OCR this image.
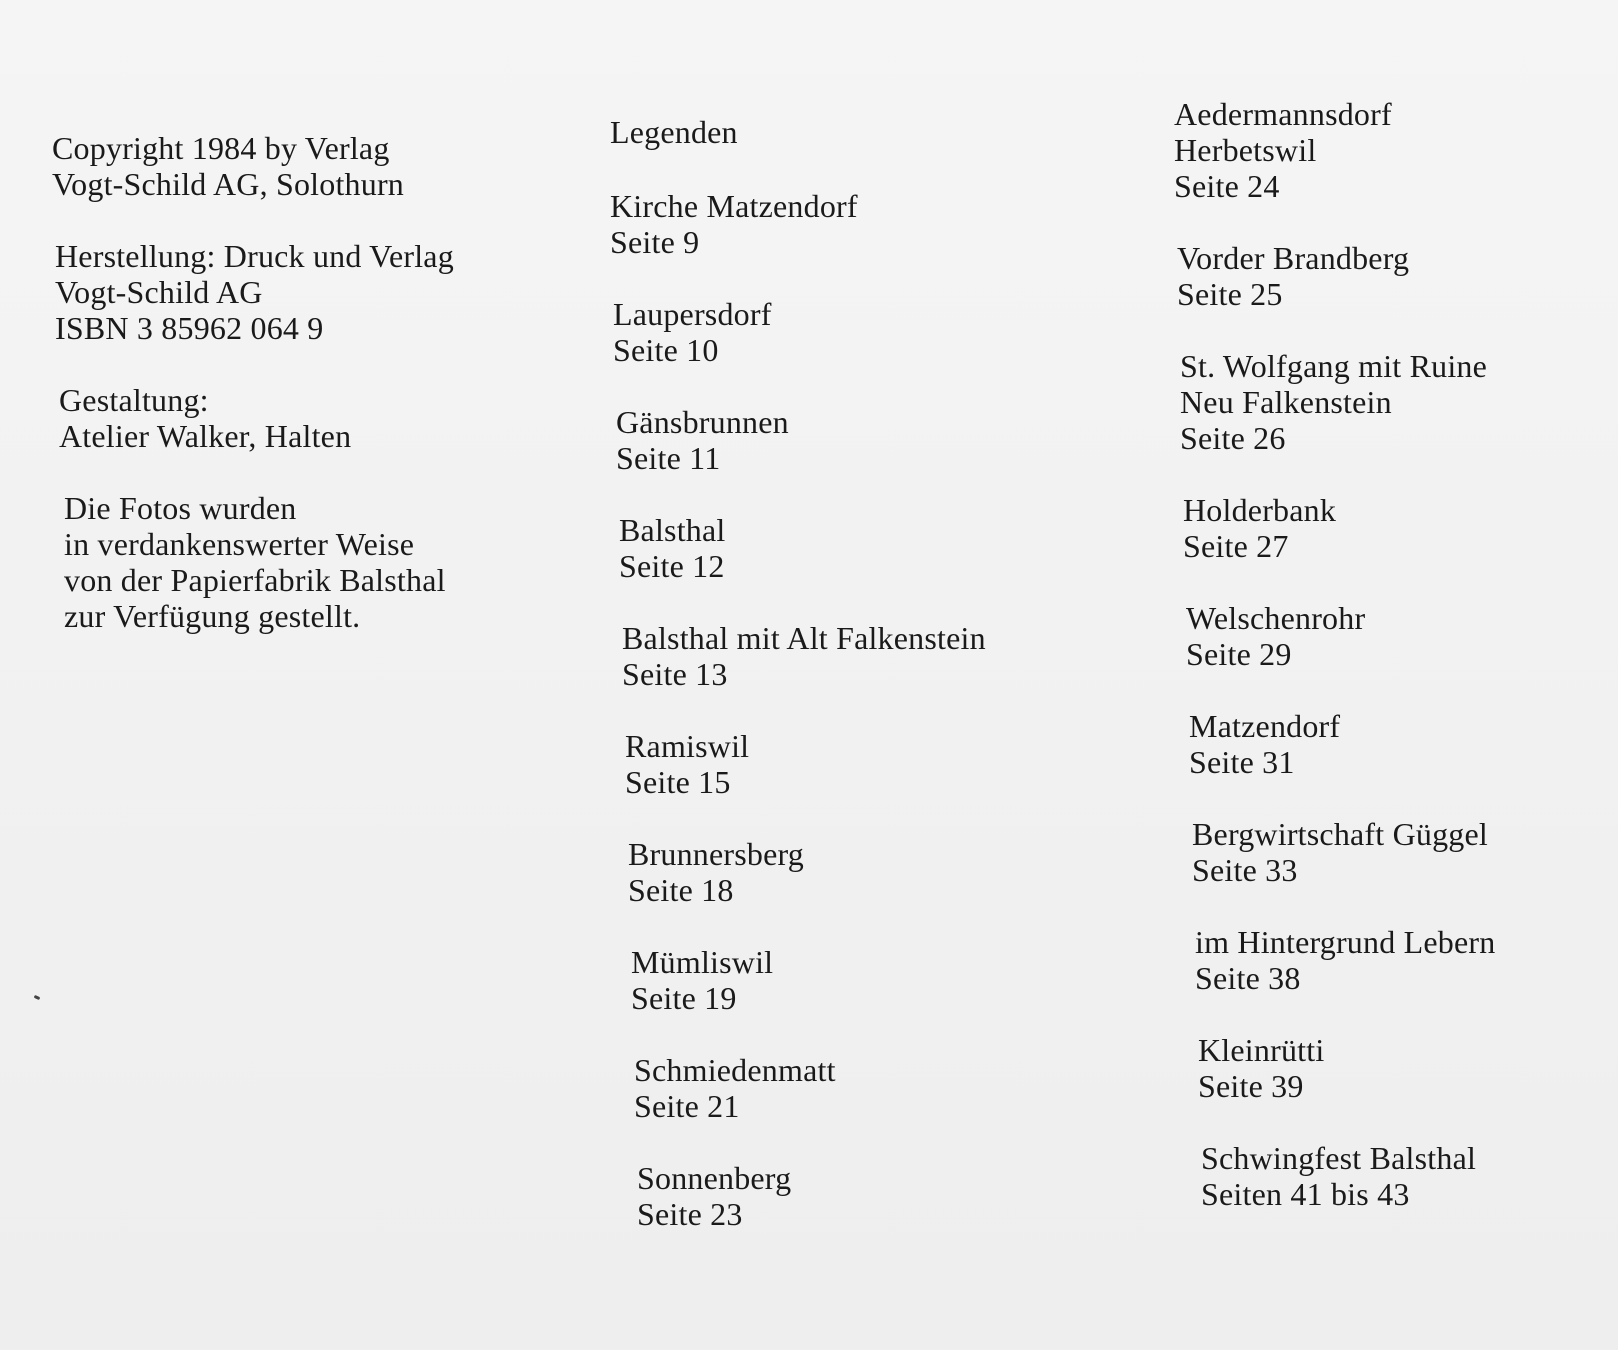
Copyright 1984 by Verlag
Vogt-Schild AG, Solothurn
Herstellung: Druck und Verlag
Vogt-Schild AG
ISBN 3 85962 064 9
Gestaltung:
Atelier Walker, Halten
Die Fotos wurden
in verdankenswerter Weise
von der Papierfabrik Balsthal
zur Verfügung gestellt.
Legenden
Kirche Matzendorf
Seite 9
Laupersdorf
Seite 10
Gänsbrunnen
Seite 11
Balsthal
Seite 12
Balsthal mit Alt Falkenstein
Seite 13
Ramiswil
Seite 15
Brunnersberg
Seite 18
Mümliswil
Seite 19
Schmiedenmatt
Seite 21
Sonnenberg
Seite 23
Aedermannsdorf
Herbetswil
Seite 24
Vorder Brandberg
Seite 25
St. Wolfgang mit Ruine
Neu Falkenstein
Seite 26
Holderbank
Seite 27
Welschenrohr
Seite 29
Matzendorf
Seite 31
Bergwirtschaft Güggel
Seite 33
im Hintergrund Lebern
Seite 38
Kleinrütti
Seite 39
Schwingfest Balsthal
Seiten 41 bis 43
